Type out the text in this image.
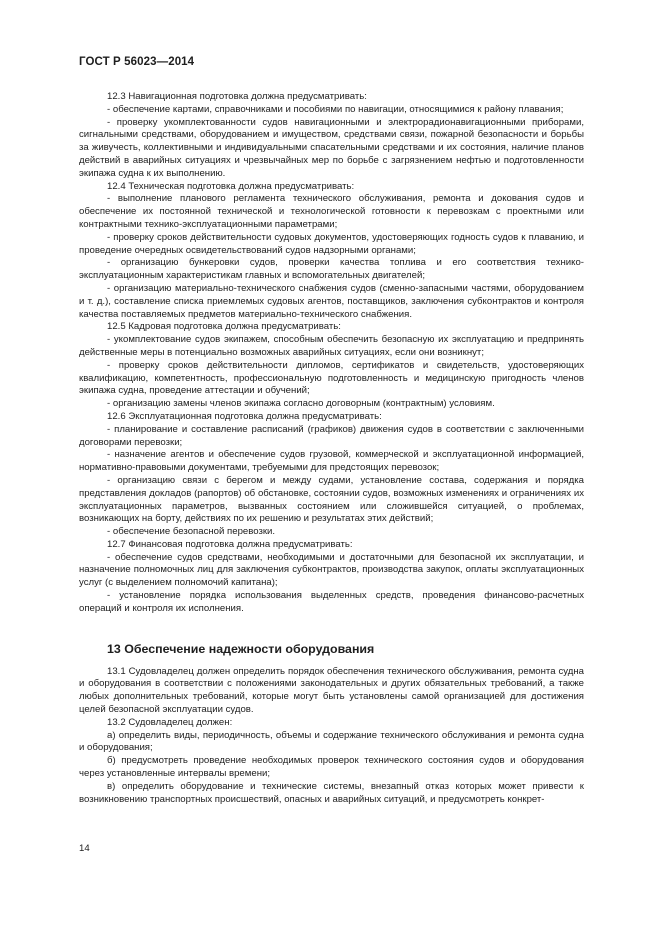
ГОСТ Р 56023—2014

12.3 Навигационная подготовка должна предусматривать:

- обеспечение картами, справочниками и пособиями по навигации, относящимися к району плавания;

- проверку укомплектованности судов навигационными и электрорадионавигационными приборами, сигнальными средствами, оборудованием и имуществом, средствами связи, пожарной безопасности и борьбы за живучесть, коллективными и индивидуальными спасательными средствами и их состояния, наличие планов действий в аварийных ситуациях и чрезвычайных мер по борьбе с загрязнением нефтью и подготовленности экипажа судна к их выполнению.

12.4 Техническая подготовка должна предусматривать:

- выполнение планового регламента технического обслуживания, ремонта и докования судов и обеспечение их постоянной технической и технологической готовности к перевозкам с проектными или контрактными технико-эксплуатационными параметрами;

- проверку сроков действительности судовых документов, удостоверяющих годность судов к плаванию, и проведение очередных освидетельствований судов надзорными органами;

- организацию бункеровки судов, проверки качества топлива и его соответствия технико-эксплуатационным характеристикам главных и вспомогательных двигателей;

- организацию материально-технического снабжения судов (сменно-запасными частями, оборудованием и т. д.), составление списка приемлемых судовых агентов, поставщиков, заключения субконтрактов и контроля качества поставляемых предметов материально-технического снабжения.

12.5 Кадровая подготовка должна предусматривать:

- укомплектование судов экипажем, способным обеспечить безопасную их эксплуатацию и предпринять действенные меры в потенциально возможных аварийных ситуациях, если они возникнут;

- проверку сроков действительности дипломов, сертификатов и свидетельств, удостоверяющих квалификацию, компетентность, профессиональную подготовленность и медицинскую пригодность членов экипажа судна, проведение аттестации и обучений;

- организацию замены членов экипажа согласно договорным (контрактным) условиям.

12.6 Эксплуатационная подготовка должна предусматривать:

- планирование и составление расписаний (графиков) движения судов в соответствии с заключенными договорами перевозки;

- назначение агентов и обеспечение судов грузовой, коммерческой и эксплуатационной информацией, нормативно-правовыми документами, требуемыми для предстоящих перевозок;

- организацию связи с берегом и между судами, установление состава, содержания и порядка представления докладов (рапортов) об обстановке, состоянии судов, возможных изменениях и ограничениях их эксплуатационных параметров, вызванных состоянием или сложившейся ситуацией, о проблемах, возникающих на борту, действиях по их решению и результатах этих действий;

- обеспечение безопасной перевозки.

12.7 Финансовая подготовка должна предусматривать:

- обеспечение судов средствами, необходимыми и достаточными для безопасной их эксплуатации, и назначение полномочных лиц для заключения субконтрактов, производства закупок, оплаты эксплуатационных услуг (с выделением полномочий капитана);

- установление порядка использования выделенных средств, проведения финансово-расчетных операций и контроля их исполнения.

13 Обеспечение надежности оборудования

13.1 Судовладелец должен определить порядок обеспечения технического обслуживания, ремонта судна и оборудования в соответствии с положениями законодательных и других обязательных требований, а также любых дополнительных требований, которые могут быть установлены самой организацией для достижения целей безопасной эксплуатации судов.

13.2 Судовладелец должен:

а) определить виды, периодичность, объемы и содержание технического обслуживания и ремонта судна и оборудования;

б) предусмотреть проведение необходимых проверок технического состояния судов и оборудования через установленные интервалы времени;

в) определить оборудование и технические системы, внезапный отказ которых может привести к возникновению транспортных происшествий, опасных и аварийных ситуаций, и предусмотреть конкрет-

14
